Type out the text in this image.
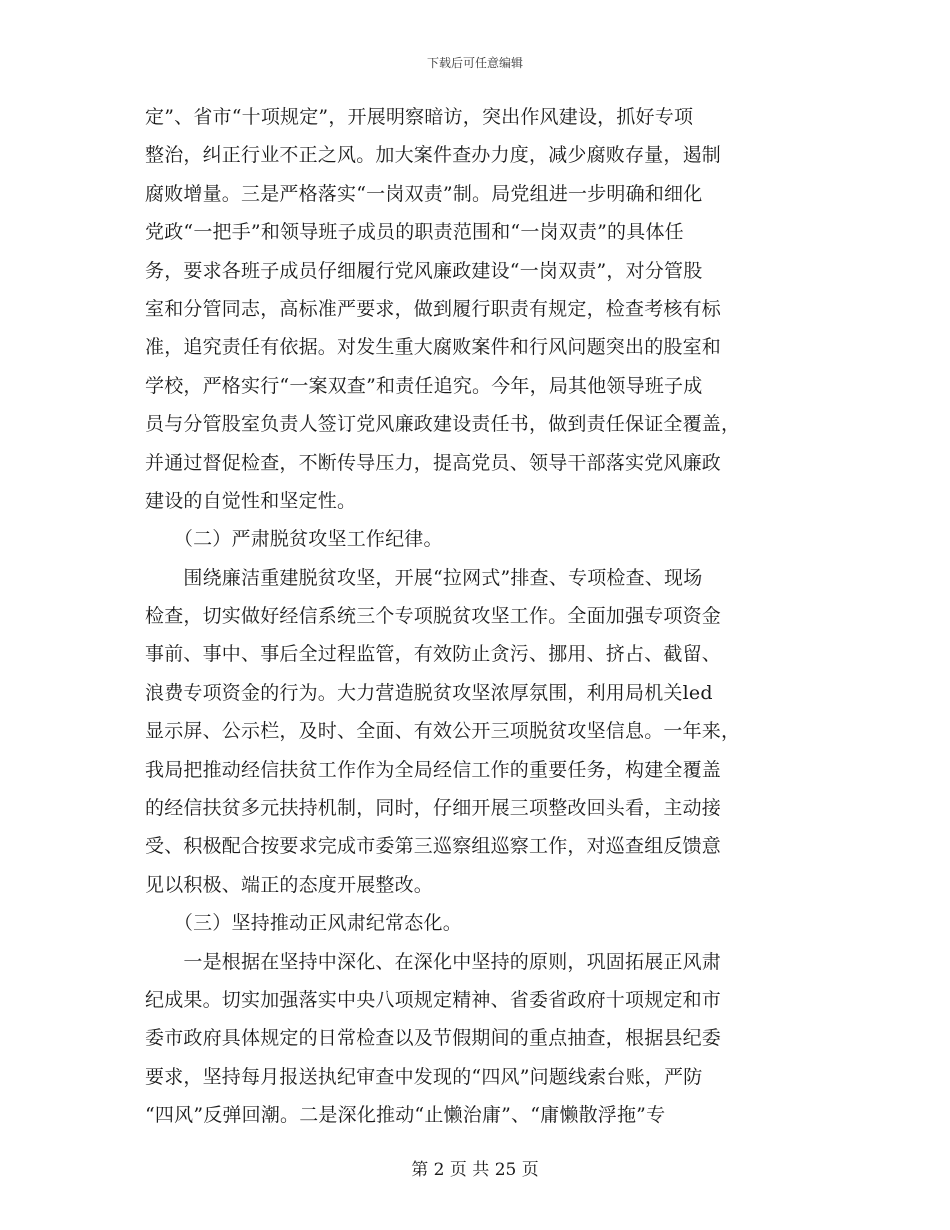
下载后可任意编辑
定”、省市“十项规定”，开展明察暗访，突出作风建设，抓好专项
整治，纠正行业不正之风。加大案件查办力度，减少腐败存量，遏制
腐败增量。三是严格落实“一岗双责”制。局党组进一步明确和细化
党政“一把手”和领导班子成员的职责范围和“一岗双责”的具体任
务，要求各班子成员仔细履行党风廉政建设“一岗双责”，对分管股
室和分管同志，高标准严要求，做到履行职责有规定，检查考核有标
准，追究责任有依据。对发生重大腐败案件和行风问题突出的股室和
学校，严格实行“一案双查”和责任追究。今年，局其他领导班子成
员与分管股室负责人签订党风廉政建设责任书，做到责任保证全覆盖，
并通过督促检查，不断传导压力，提高党员、领导干部落实党风廉政
建设的自觉性和坚定性。
　　（二）严肃脱贫攻坚工作纪律。
　　围绕廉洁重建脱贫攻坚，开展“拉网式”排查、专项检查、现场
检查，切实做好经信系统三个专项脱贫攻坚工作。全面加强专项资金
事前、事中、事后全过程监管，有效防止贪污、挪用、挤占、截留、
浪费专项资金的行为。大力营造脱贫攻坚浓厚氛围，利用局机关led
显示屏、公示栏，及时、全面、有效公开三项脱贫攻坚信息。一年来，
我局把推动经信扶贫工作作为全局经信工作的重要任务，构建全覆盖
的经信扶贫多元扶持机制，同时，仔细开展三项整改回头看，主动接
受、积极配合按要求完成市委第三巡察组巡察工作，对巡查组反馈意
见以积极、端正的态度开展整改。
　　（三）坚持推动正风肃纪常态化。
　　一是根据在坚持中深化、在深化中坚持的原则，巩固拓展正风肃
纪成果。切实加强落实中央八项规定精神、省委省政府十项规定和市
委市政府具体规定的日常检查以及节假期间的重点抽查，根据县纪委
要求，坚持每月报送执纪审查中发现的“四风”问题线索台账，严防
“四风”反弹回潮。二是深化推动“止懒治庸”、“庸懒散浮拖”专
第 2 页 共 25 页
